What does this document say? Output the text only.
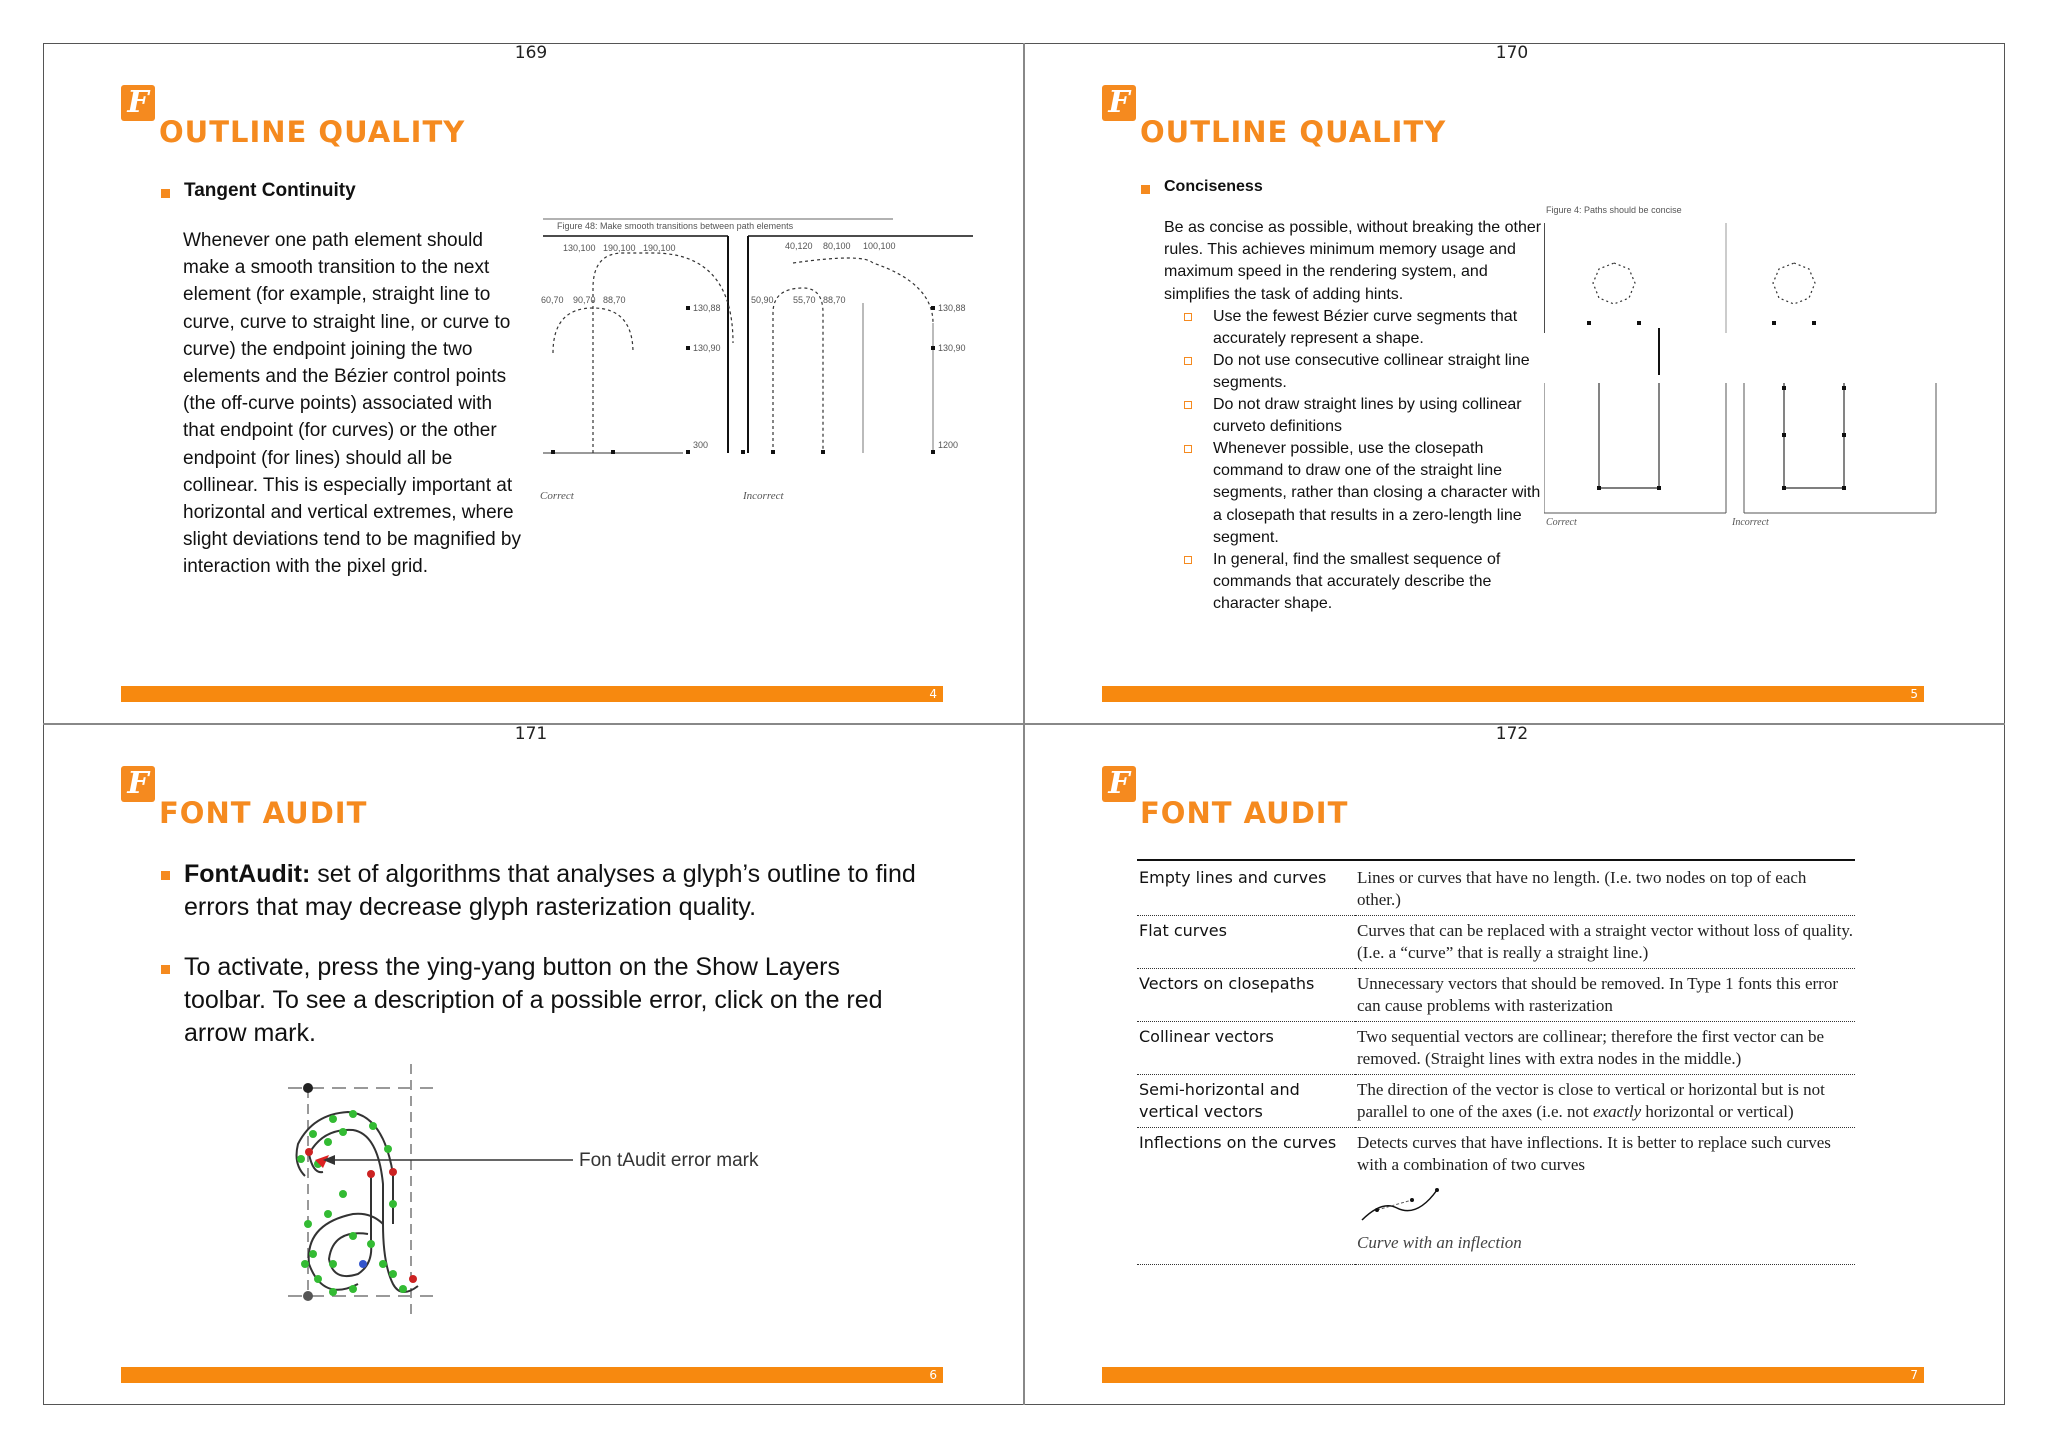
169
F
OUTLINE QUALITY
Tangent Continuity
Whenever one path element should make a smooth transition to the next element (for example, straight line to curve, curve to straight line, or curve to curve) the endpoint joining the two elements and the Bézier control points (the off-curve points) associated with that endpoint (for curves) or the other endpoint (for lines) should all be collinear. This is especially important at horizontal and vertical extremes, where slight deviations tend to be magnified by interaction with the pixel grid.
Figure 48: Make smooth transitions between path elements
130,100 190,100 190,100	40,120 80,100 100,100
60,70 90,70 88,70	50,90 55,70 88,70
130,88
130,90
130,88
130,90
300	1200
Correct	Incorrect
4
170
F
OUTLINE QUALITY
Conciseness
Be as concise as possible, without breaking the other rules. This achieves minimum memory usage and maximum speed in the rendering system, and simplifies the task of adding hints.
Use the fewest Bézier curve segments that accurately represent a shape.
Do not use consecutive collinear straight line segments.
Do not draw straight lines by using collinear curveto definitions
Whenever possible, use the closepath command to draw one of the straight line segments, rather than closing a character with a closepath that results in a zero-length line segment.
In general, find the smallest sequence of commands that accurately describe the character shape.
Figure 4: Paths should be concise
Correct	Incorrect
5
171
F
FONT AUDIT
FontAudit: set of algorithms that analyses a glyph’s outline to find errors that may decrease glyph rasterization quality.
To activate, press the ying-yang button on the Show Layers toolbar. To see a description of a possible error, click on the red arrow mark.
Fon tAudit error mark
6
172
F
FONT AUDIT
Empty lines and curves	Lines or curves that have no length. (I.e. two nodes on top of each other.)
Flat curves	Curves that can be replaced with a straight vector without loss of quality. (I.e. a “curve” that is really a straight line.)
Vectors on closepaths	Unnecessary vectors that should be removed. In Type 1 fonts this error can cause problems with rasterization
Collinear vectors	Two sequential vectors are collinear; therefore the first vector can be removed. (Straight lines with extra nodes in the middle.)
Semi-horizontal and vertical vectors	The direction of the vector is close to vertical or horizontal but is not parallel to one of the axes (i.e. not exactly horizontal or vertical)
Inflections on the curves	Detects curves that have inflections. It is better to replace such curves with a combination of two curves
Curve with an inflection
7
